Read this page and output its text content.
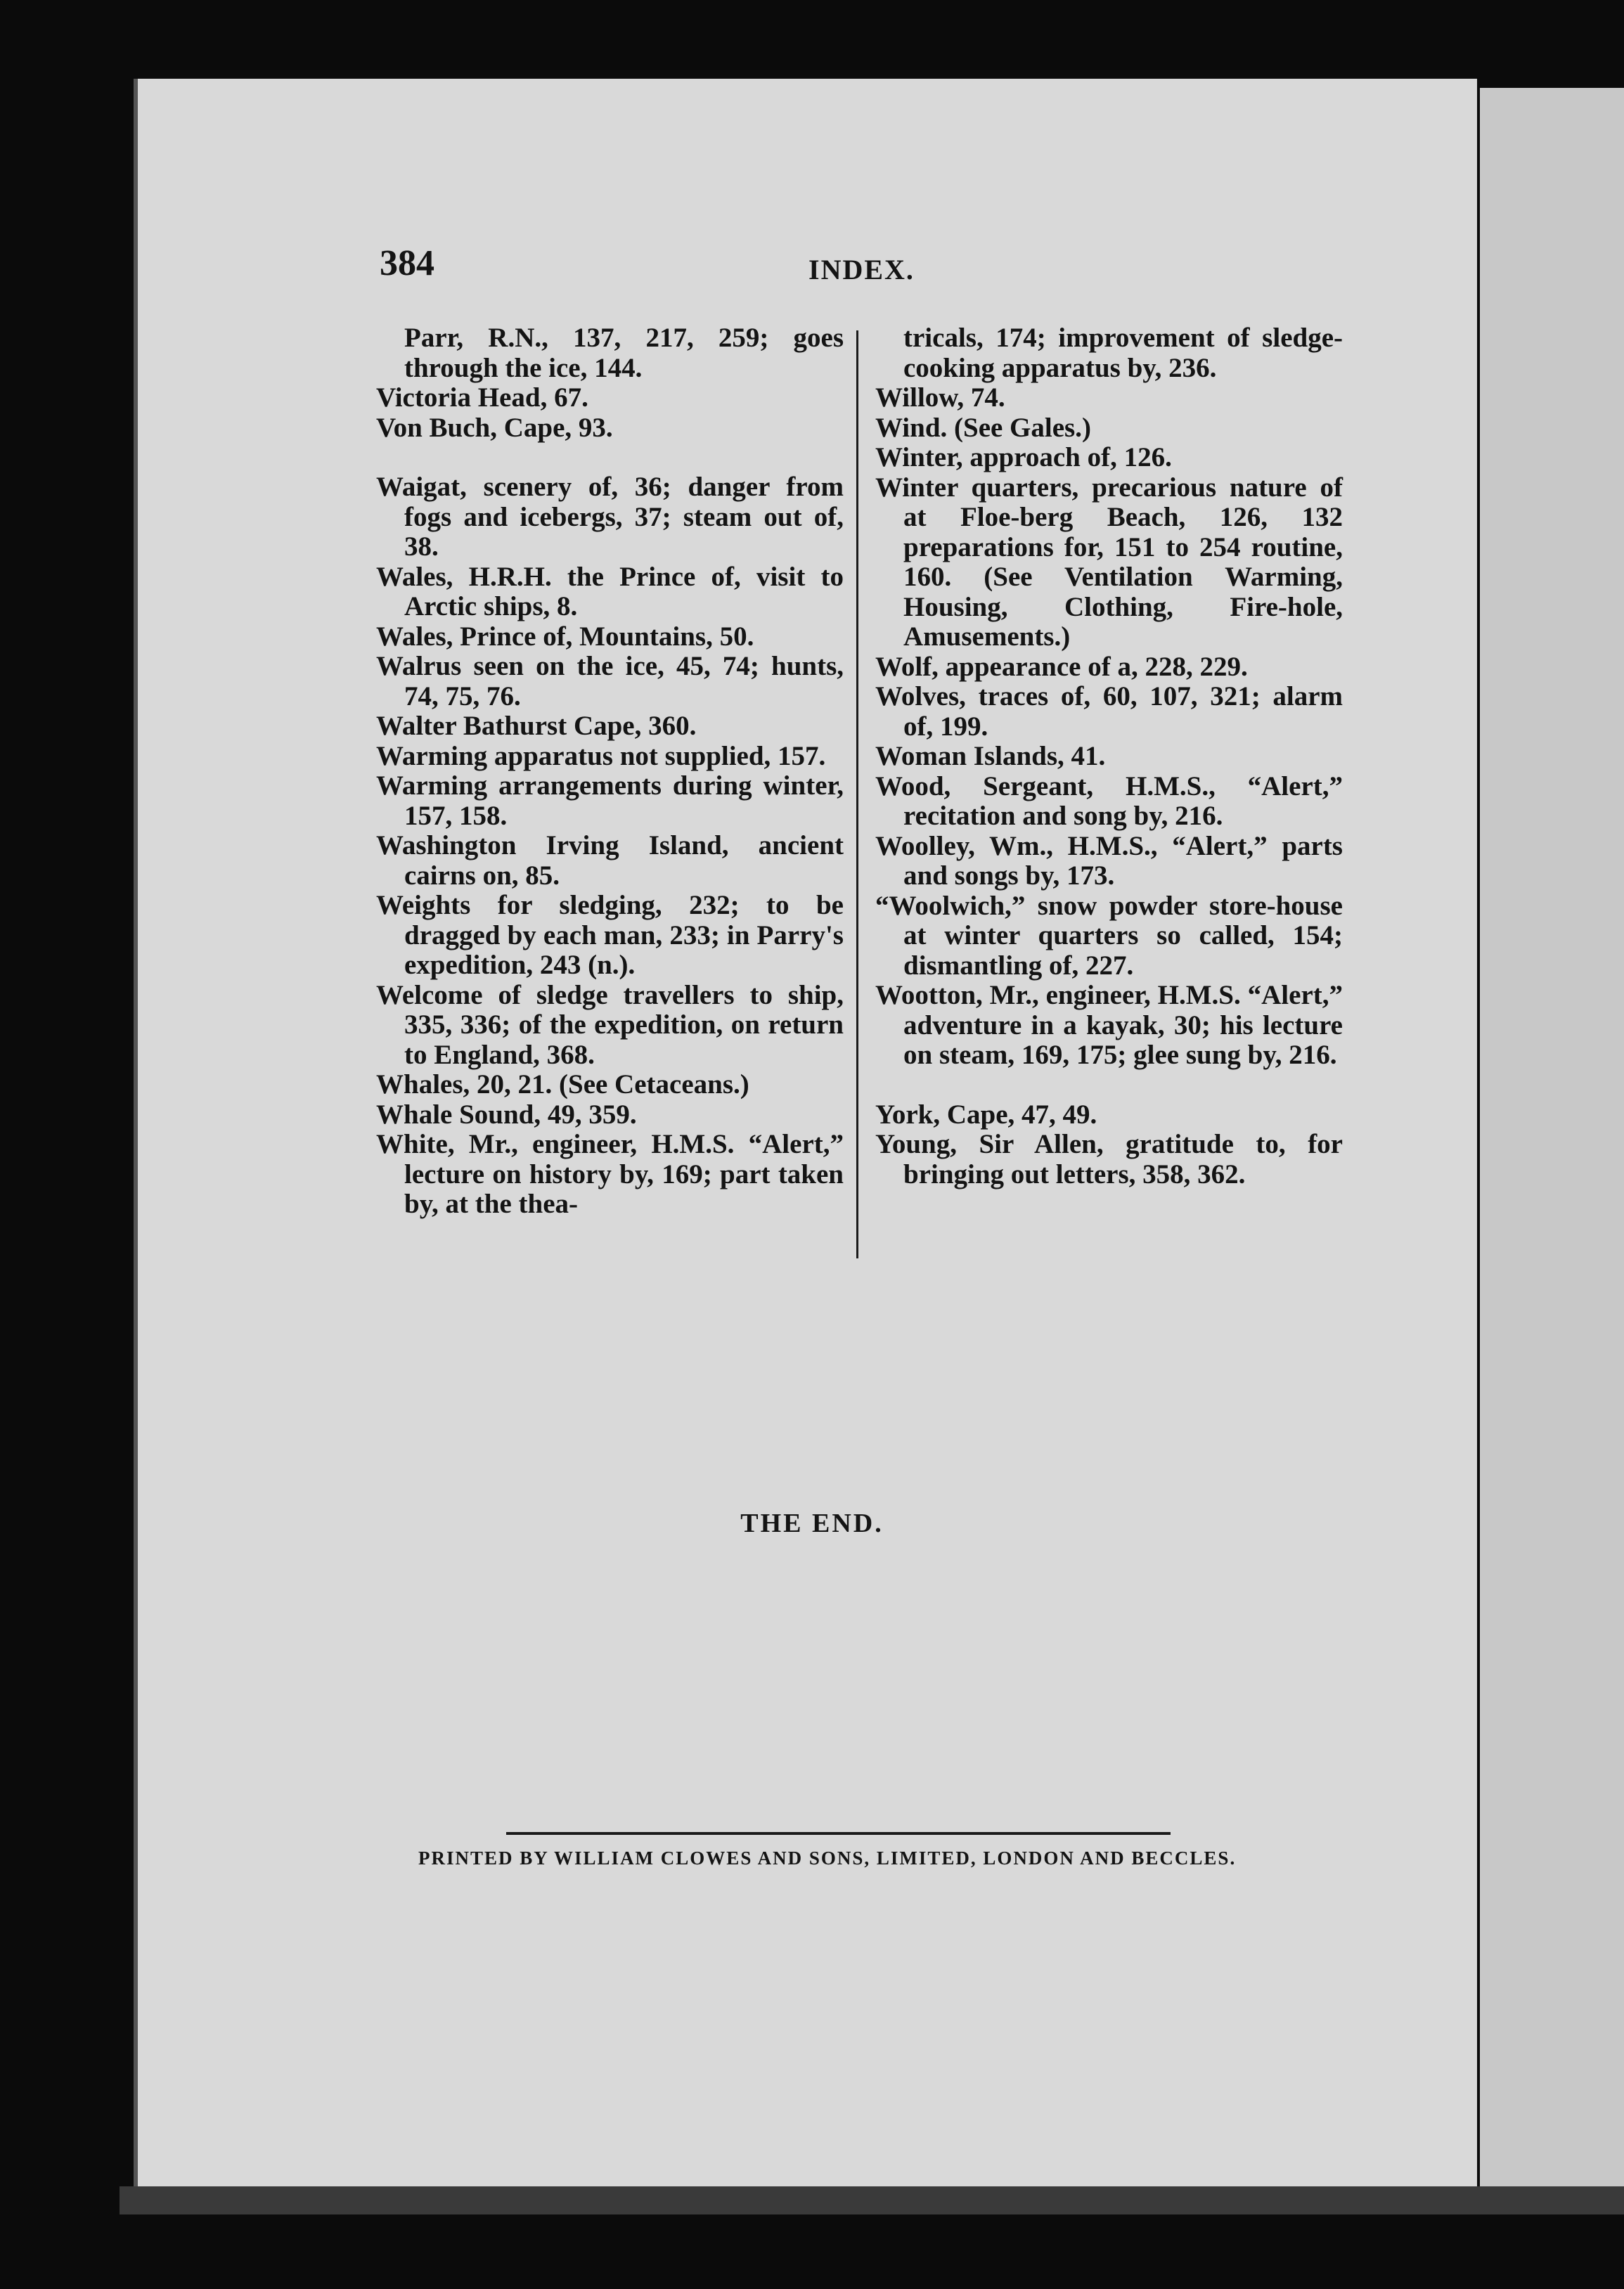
384	INDEX.

Parr, R.N., 137, 217, 259; goes through the ice, 144.

Victoria Head, 67.

Von Buch, Cape, 93.

Waigat, scenery of, 36; danger from fogs and icebergs, 37; steam out of, 38.

Wales, H.R.H. the Prince of, visit to Arctic ships, 8.

Wales, Prince of, Mountains, 50.

Walrus seen on the ice, 45, 74; hunts, 74, 75, 76.

Walter Bathurst Cape, 360.

Warming apparatus not supplied, 157.

Warming arrangements during winter, 157, 158.

Washington Irving Island, ancient cairns on, 85.

Weights for sledging, 232; to be dragged by each man, 233; in Parry's expedition, 243 (n.).

Welcome of sledge travellers to ship, 335, 336; of the expedition, on return to England, 368.

Whales, 20, 21. (See Cetaceans.)

Whale Sound, 49, 359.

White, Mr., engineer, H.M.S. “Alert,” lecture on history by, 169; part taken by, at the thea-

tricals, 174; improvement of sledge-cooking apparatus by, 236.

Willow, 74.

Wind. (See Gales.)

Winter, approach of, 126.

Winter quarters, precarious nature of at Floe-berg Beach, 126, 132 preparations for, 151 to 254 routine, 160. (See Ventilation Warming, Housing, Clothing, Fire-hole, Amusements.)

Wolf, appearance of a, 228, 229.

Wolves, traces of, 60, 107, 321; alarm of, 199.

Woman Islands, 41.

Wood, Sergeant, H.M.S., “Alert,” recitation and song by, 216.

Woolley, Wm., H.M.S., “Alert,” parts and songs by, 173.

“Woolwich,” snow powder store-house at winter quarters so called, 154; dismantling of, 227.

Wootton, Mr., engineer, H.M.S. “Alert,” adventure in a kayak, 30; his lecture on steam, 169, 175; glee sung by, 216.

York, Cape, 47, 49.

Young, Sir Allen, gratitude to, for bringing out letters, 358, 362.

THE END.
PRINTED BY WILLIAM CLOWES AND SONS, LIMITED, LONDON AND BECCLES.
